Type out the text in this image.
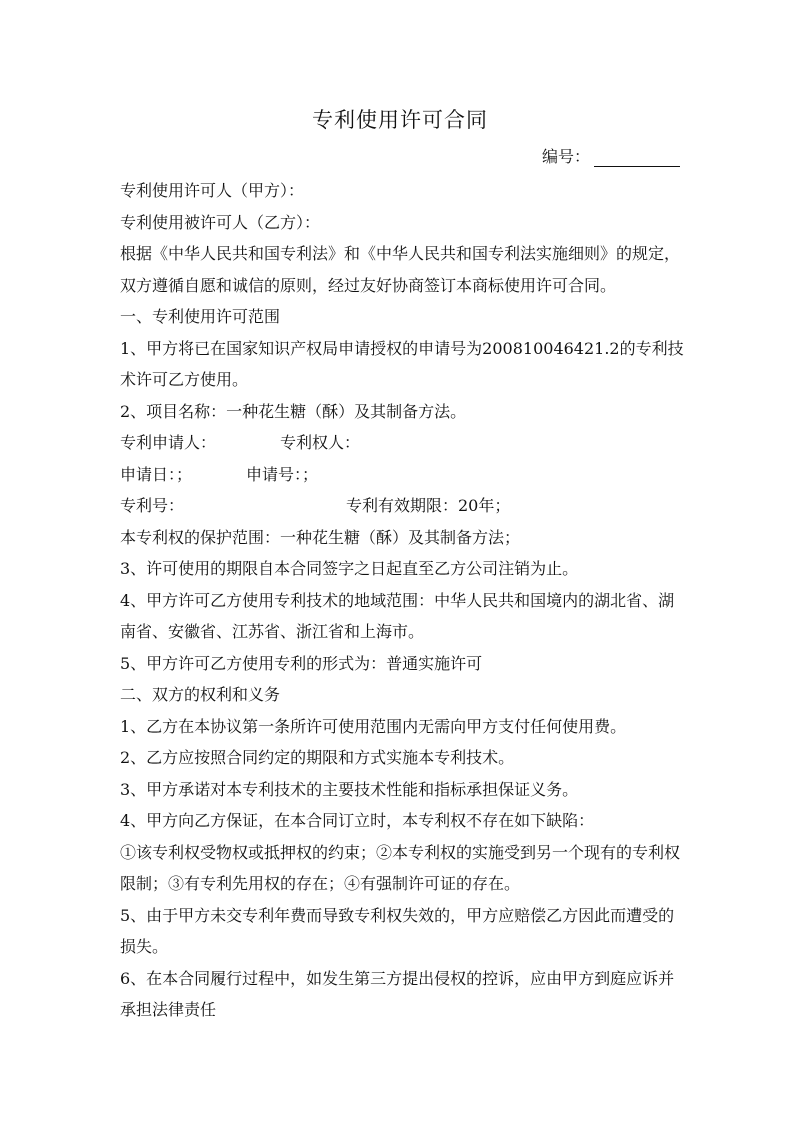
专利使用许可合同
编号：

专利使用许可人（甲方）：

专利使用被许可人（乙方）：

根据《中华人民共和国专利法》和《中华人民共和国专利法实施细则》的规定，双方遵循自愿和诚信的原则，经过友好协商签订本商标使用许可合同。

一、专利使用许可范围

1、甲方将已在国家知识产权局申请授权的申请号为200810046421.2的专利技术许可乙方使用。

2、项目名称：一种花生糖（酥）及其制备方法。

专利申请人：	专利权人：

申请日：；	申请号：；

专利号：	专利有效期限：20年；

本专利权的保护范围：一种花生糖（酥）及其制备方法；

3、许可使用的期限自本合同签字之日起直至乙方公司注销为止。

4、甲方许可乙方使用专利技术的地域范围：中华人民共和国境内的湖北省、湖南省、安徽省、江苏省、浙江省和上海市。

5、甲方许可乙方使用专利的形式为：普通实施许可

二、双方的权利和义务

1、乙方在本协议第一条所许可使用范围内无需向甲方支付任何使用费。

2、乙方应按照合同约定的期限和方式实施本专利技术。

3、甲方承诺对本专利技术的主要技术性能和指标承担保证义务。

4、甲方向乙方保证，在本合同订立时，本专利权不存在如下缺陷：

①该专利权受物权或抵押权的约束；②本专利权的实施受到另一个现有的专利权限制；③有专利先用权的存在；④有强制许可证的存在。

5、由于甲方未交专利年费而导致专利权失效的，甲方应赔偿乙方因此而遭受的损失。

6、在本合同履行过程中，如发生第三方提出侵权的控诉，应由甲方到庭应诉并承担法律责任
